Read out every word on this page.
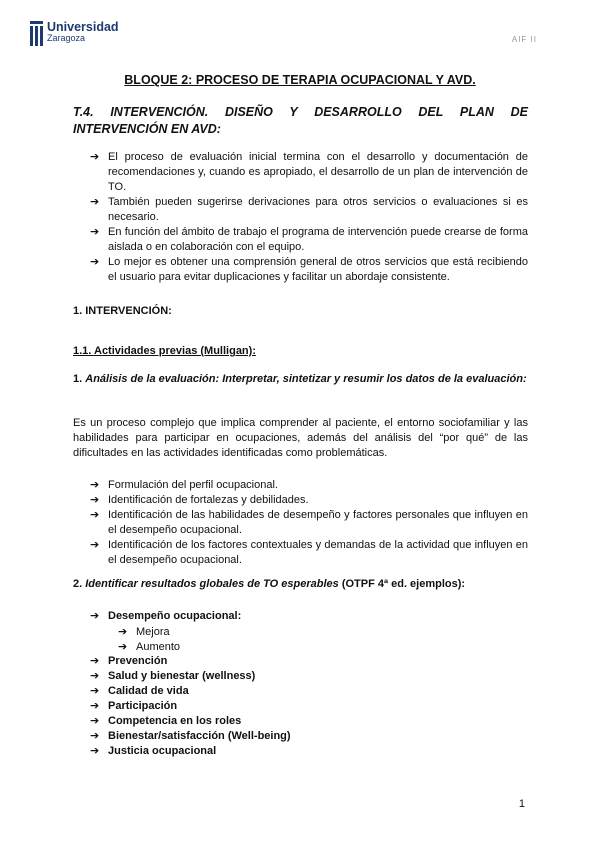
Universidad
Zaragoza	AIF II
BLOQUE 2: PROCESO DE TERAPIA OCUPACIONAL Y AVD.
T.4. INTERVENCIÓN. DISEÑO Y DESARROLLO DEL PLAN DE INTERVENCIÓN EN AVD:
➔ El proceso de evaluación inicial termina con el desarrollo y documentación de recomendaciones y, cuando es apropiado, el desarrollo de un plan de intervención de TO.
➔ También pueden sugerirse derivaciones para otros servicios o evaluaciones si es necesario.
➔ En función del ámbito de trabajo el programa de intervención puede crearse de forma aislada o en colaboración con el equipo.
➔ Lo mejor es obtener una comprensión general de otros servicios que está recibiendo el usuario para evitar duplicaciones y facilitar un abordaje consistente.
1. INTERVENCIÓN:
1.1. Actividades previas (Mulligan):
1. Análisis de la evaluación: Interpretar, sintetizar y resumir los datos de la evaluación:
Es un proceso complejo que implica comprender al paciente, el entorno sociofamiliar y las habilidades para participar en ocupaciones, además del análisis del “por qué” de las dificultades en las actividades identificadas como problemáticas.
➔ Formulación del perfil ocupacional.
➔ Identificación de fortalezas y debilidades.
➔ Identificación de las habilidades de desempeño y factores personales que influyen en el desempeño ocupacional.
➔ Identificación de los factores contextuales y demandas de la actividad que influyen en el desempeño ocupacional.
2. Identificar resultados globales de TO esperables (OTPF 4ª ed. ejemplos):
➔ Desempeño ocupacional:
➔ Mejora
➔ Aumento
➔ Prevención
➔ Salud y bienestar (wellness)
➔ Calidad de vida
➔ Participación
➔ Competencia en los roles
➔ Bienestar/satisfacción (Well-being)
➔ Justicia ocupacional
1
